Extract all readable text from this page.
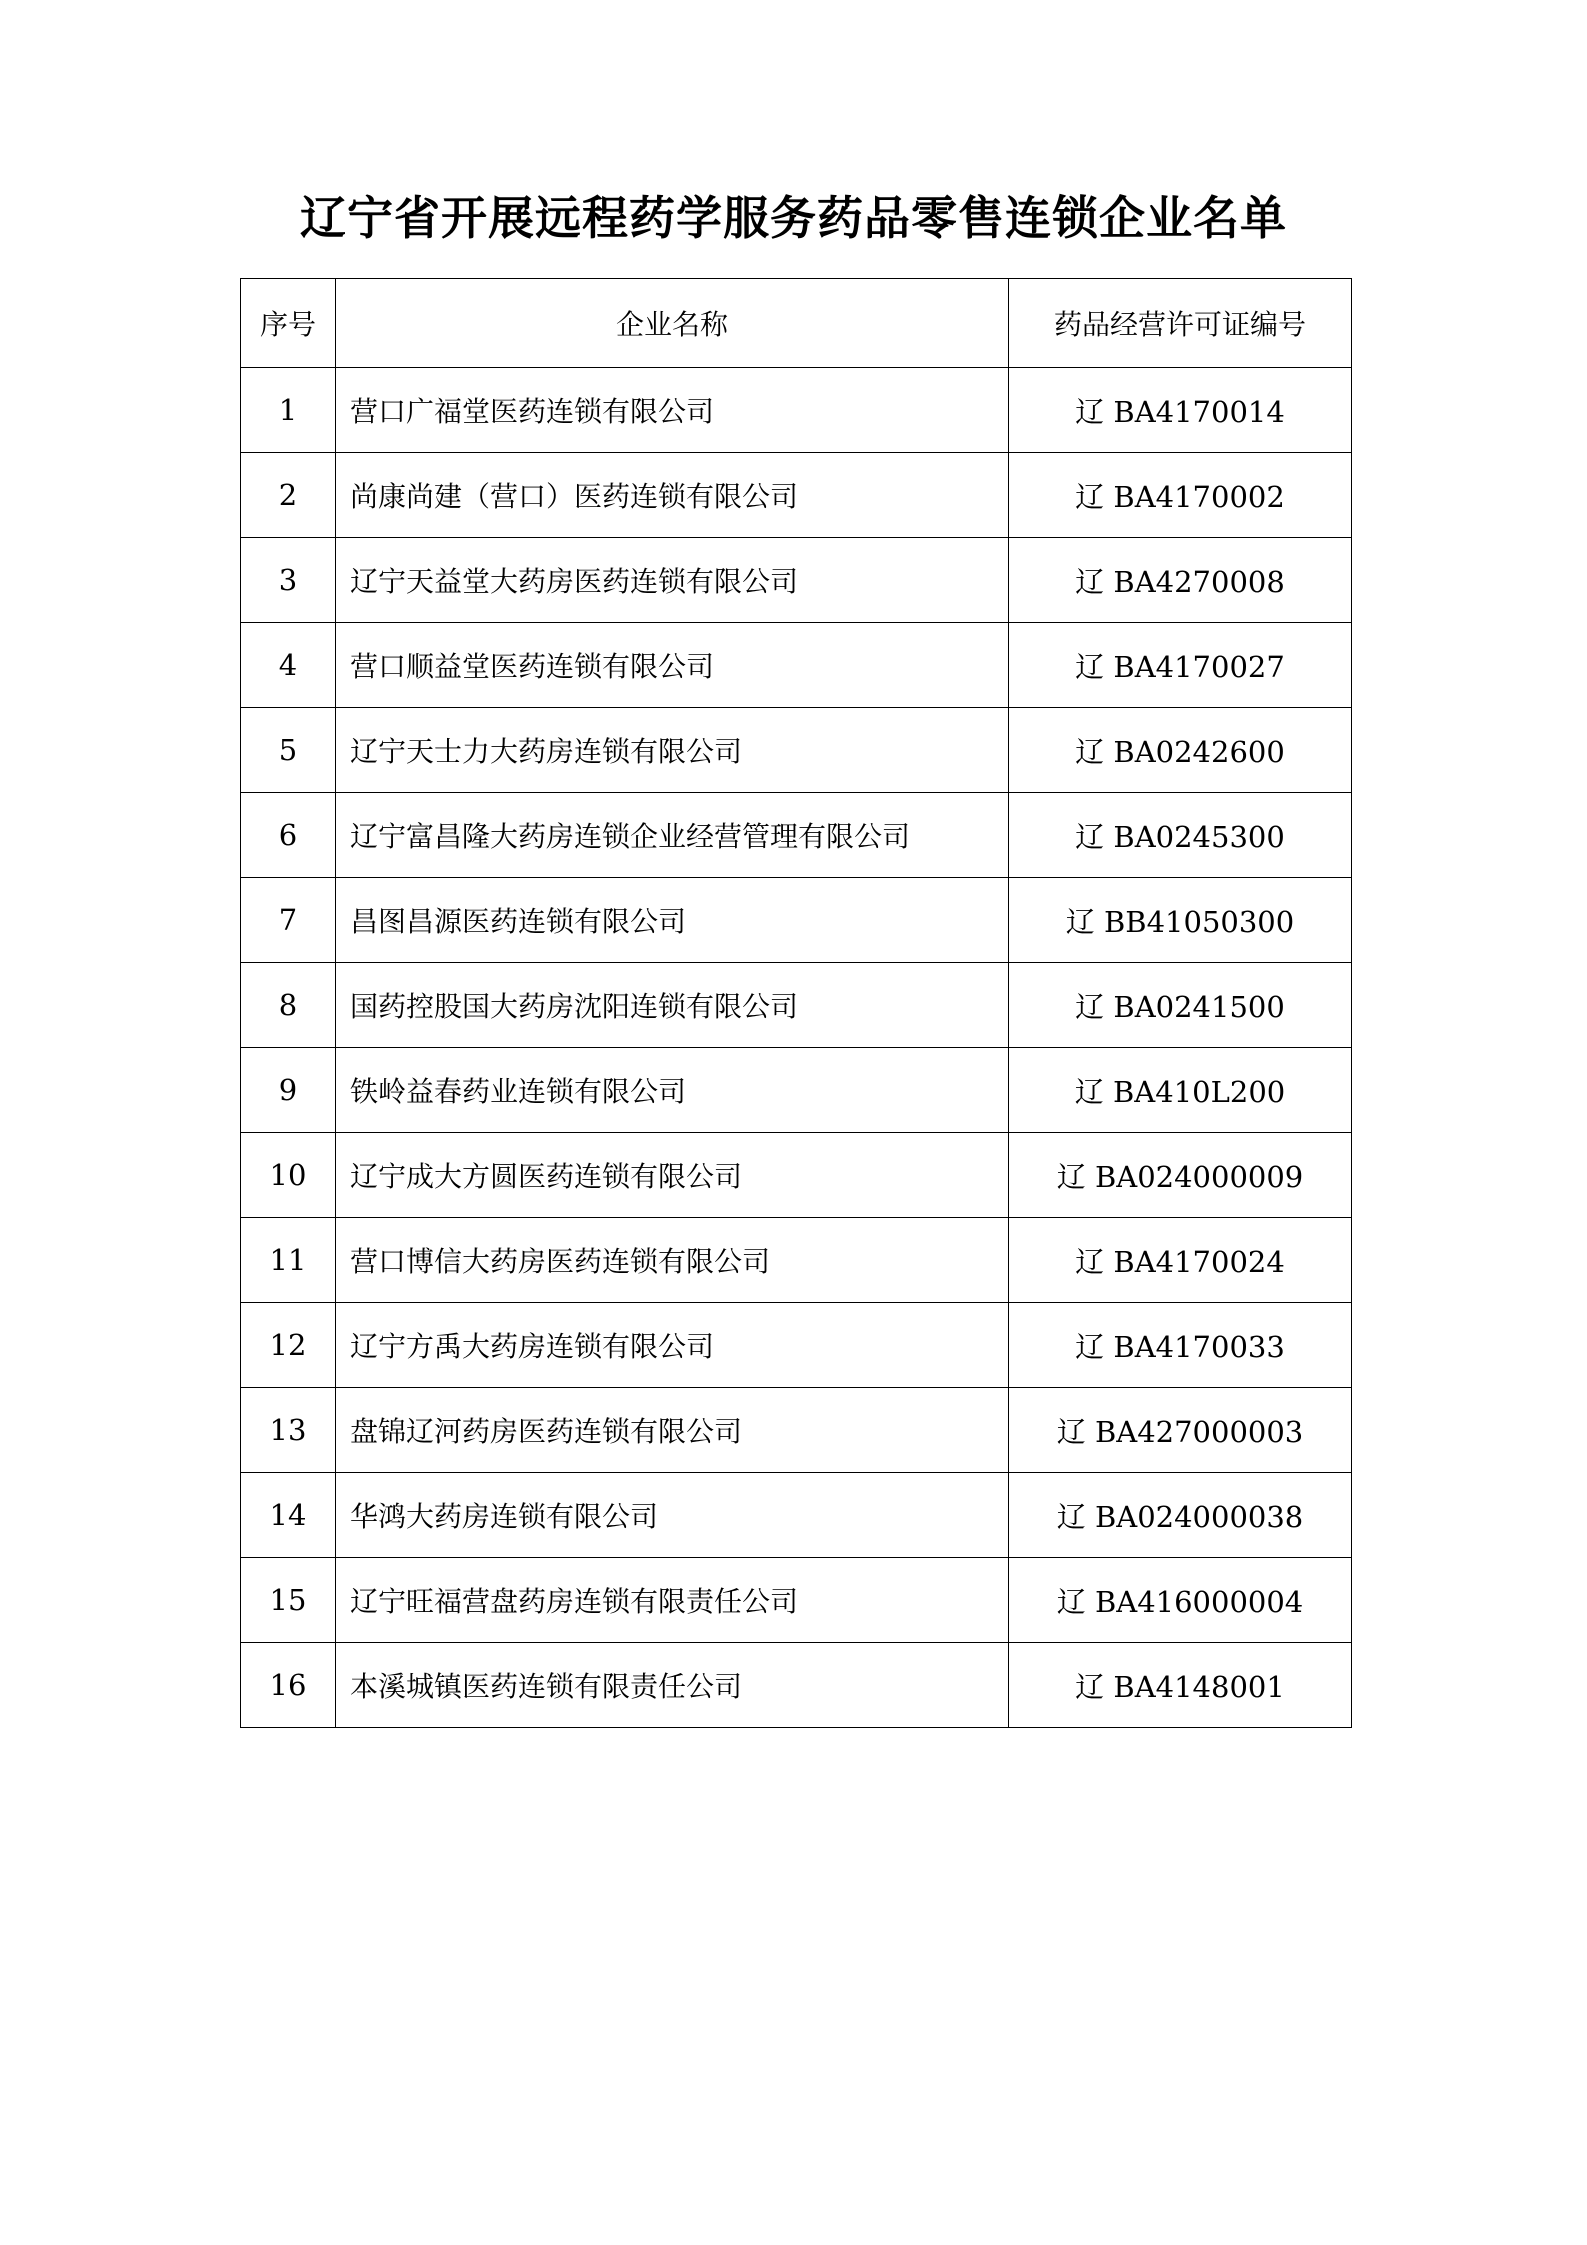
辽宁省开展远程药学服务药品零售连锁企业名单
序号	企业名称	药品经营许可证编号
1	营口广福堂医药连锁有限公司	辽 BA4170014
2	尚康尚建（营口）医药连锁有限公司	辽 BA4170002
3	辽宁天益堂大药房医药连锁有限公司	辽 BA4270008
4	营口顺益堂医药连锁有限公司	辽 BA4170027
5	辽宁天士力大药房连锁有限公司	辽 BA0242600
6	辽宁富昌隆大药房连锁企业经营管理有限公司	辽 BA0245300
7	昌图昌源医药连锁有限公司	辽 BB41050300
8	国药控股国大药房沈阳连锁有限公司	辽 BA0241500
9	铁岭益春药业连锁有限公司	辽 BA410L200
10	辽宁成大方圆医药连锁有限公司	辽 BA024000009
11	营口博信大药房医药连锁有限公司	辽 BA4170024
12	辽宁方禹大药房连锁有限公司	辽 BA4170033
13	盘锦辽河药房医药连锁有限公司	辽 BA427000003
14	华鸿大药房连锁有限公司	辽 BA024000038
15	辽宁旺福营盘药房连锁有限责任公司	辽 BA416000004
16	本溪城镇医药连锁有限责任公司	辽 BA4148001
